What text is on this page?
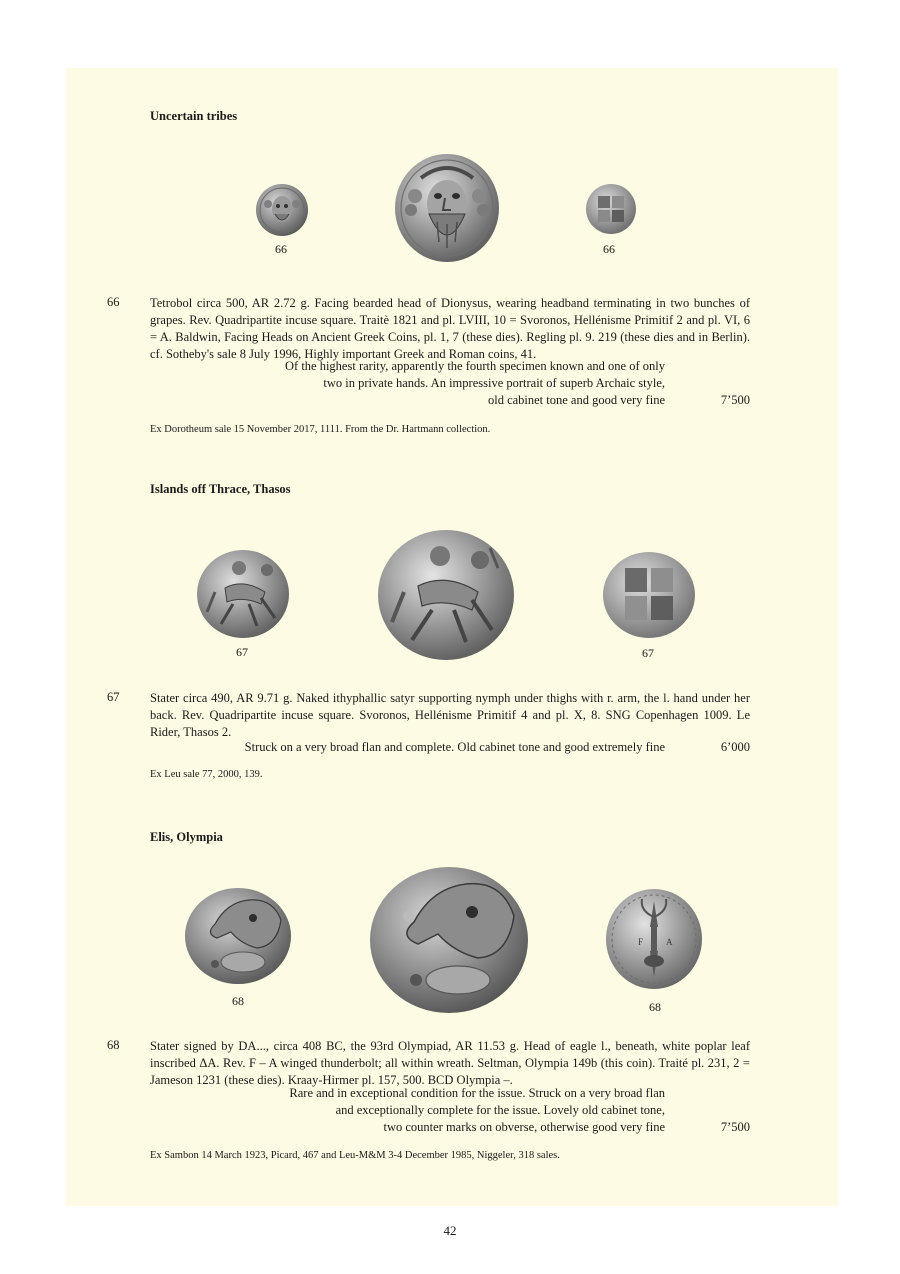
Uncertain tribes
66	66
66 Tetrobol circa 500, AR 2.72 g. Facing bearded head of Dionysus, wearing headband terminating in two bunches of grapes. Rev. Quadripartite incuse square. Traitè 1821 and pl. LVIII, 10 = Svoronos, Hellénisme Primitif 2 and pl. VI, 6 = A. Baldwin, Facing Heads on Ancient Greek Coins, pl. 1, 7 (these dies). Regling pl. 9. 219 (these dies and in Berlin). cf. Sotheby's sale 8 July 1996, Highly important Greek and Roman coins, 41.
Of the highest rarity, apparently the fourth specimen known and one of only
two in private hands. An impressive portrait of superb Archaic style,
old cabinet tone and good very fine	7’500
Ex Dorotheum sale 15 November 2017, 1111. From the Dr. Hartmann collection.
Islands off Thrace, Thasos
67	67
67 Stater circa 490, AR 9.71 g. Naked ithyphallic satyr supporting nymph under thighs with r. arm, the l. hand under her back. Rev. Quadripartite incuse square. Svoronos, Hellénisme Primitif 4 and pl. X, 8. SNG Copenhagen 1009. Le Rider, Thasos 2.
Struck on a very broad flan and complete. Old cabinet tone and good extremely fine	6’000
Ex Leu sale 77, 2000, 139.
Elis, Olympia
F	A
68	68
68 Stater signed by DA..., circa 408 BC, the 93rd Olympiad, AR 11.53 g. Head of eagle l., beneath, white poplar leaf inscribed ΔA. Rev. F – A winged thunderbolt; all within wreath. Seltman, Olympia 149b (this coin). Traité pl. 231, 2 = Jameson 1231 (these dies). Kraay-Hirmer pl. 157, 500. BCD Olympia –.
Rare and in exceptional condition for the issue. Struck on a very broad flan
and exceptionally complete for the issue. Lovely old cabinet tone,
two counter marks on obverse, otherwise good very fine	7’500
Ex Sambon 14 March 1923, Picard, 467 and Leu-M&M 3-4 December 1985, Niggeler, 318 sales.
42
